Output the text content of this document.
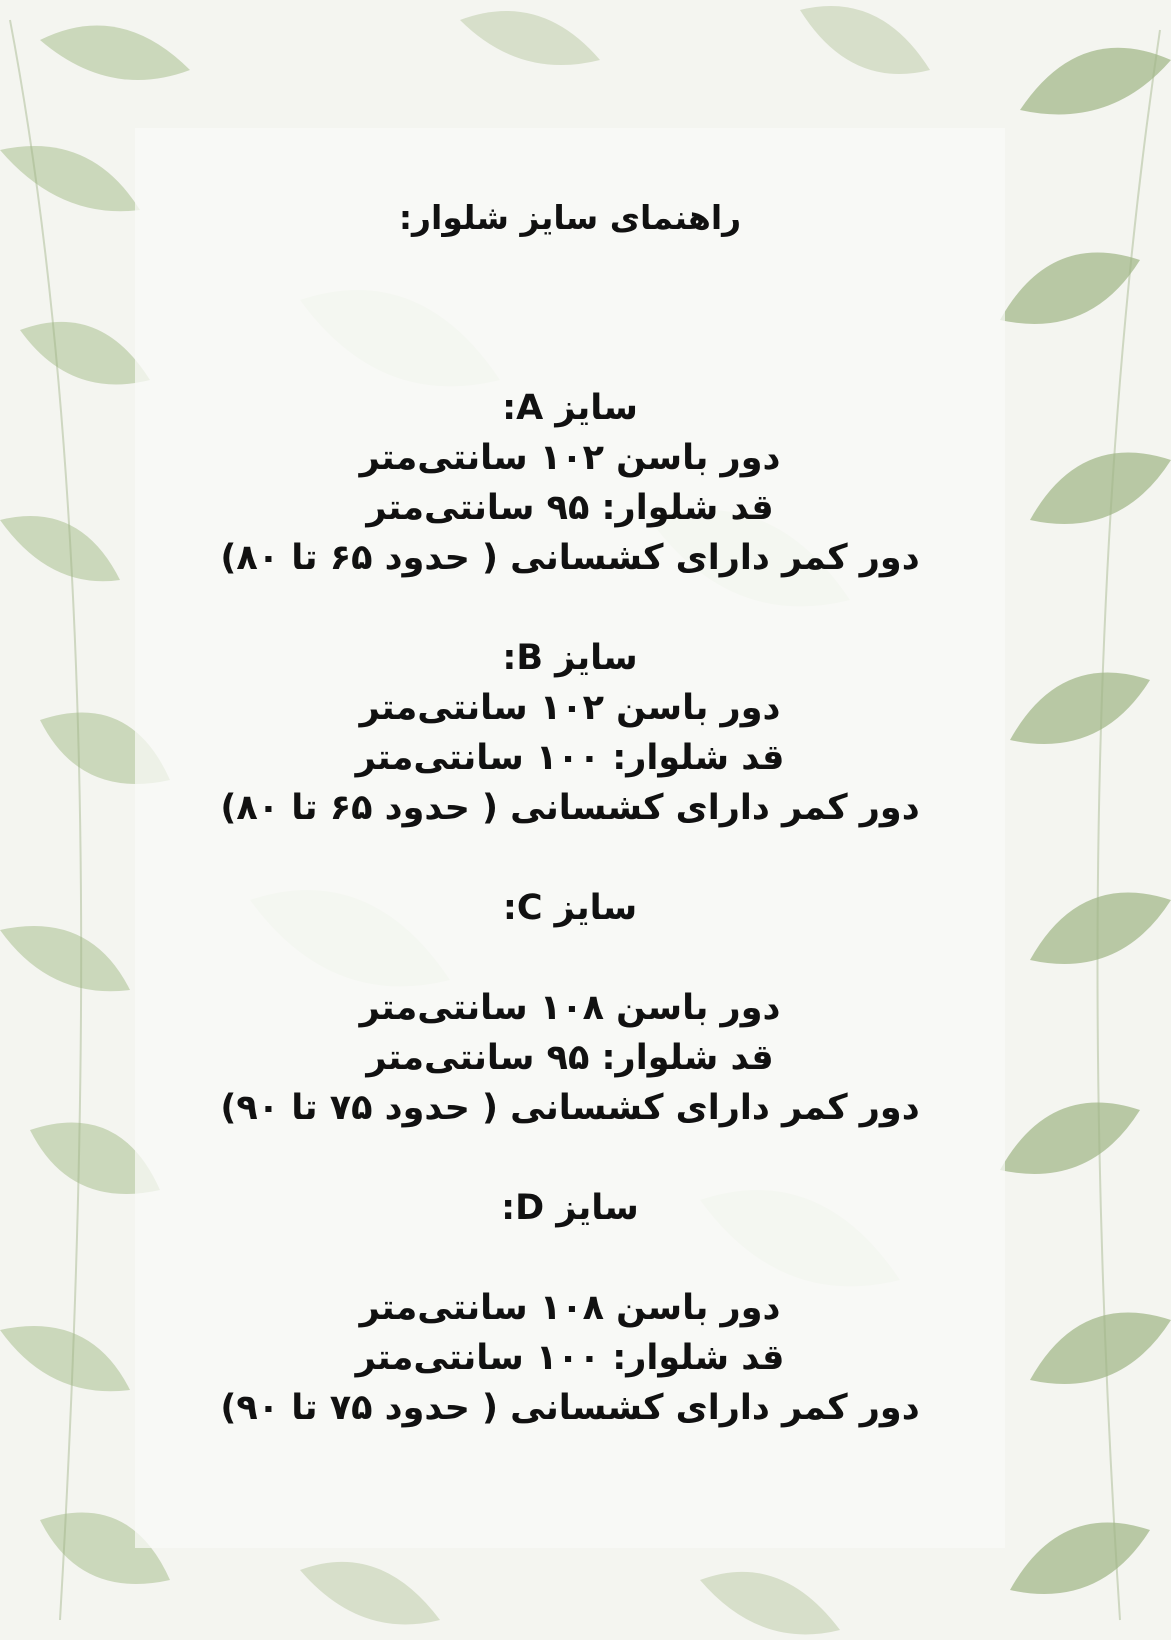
راهنمای سایز شلوار:
سایز A:
دور باسن ۱۰۲ سانتی‌متر
قد شلوار: ۹۵ سانتی‌متر
دور کمر دارای کشسانی ( حدود ۶۵ تا ۸۰)
سایز B:
دور باسن ۱۰۲ سانتی‌متر
قد شلوار: ۱۰۰ سانتی‌متر
دور کمر دارای کشسانی ( حدود ۶۵ تا ۸۰)
سایز C:
دور باسن ۱۰۸ سانتی‌متر
قد شلوار: ۹۵ سانتی‌متر
دور کمر دارای کشسانی ( حدود ۷۵ تا ۹۰)
سایز D:
دور باسن ۱۰۸ سانتی‌متر
قد شلوار: ۱۰۰ سانتی‌متر
دور کمر دارای کشسانی ( حدود ۷۵ تا ۹۰)
